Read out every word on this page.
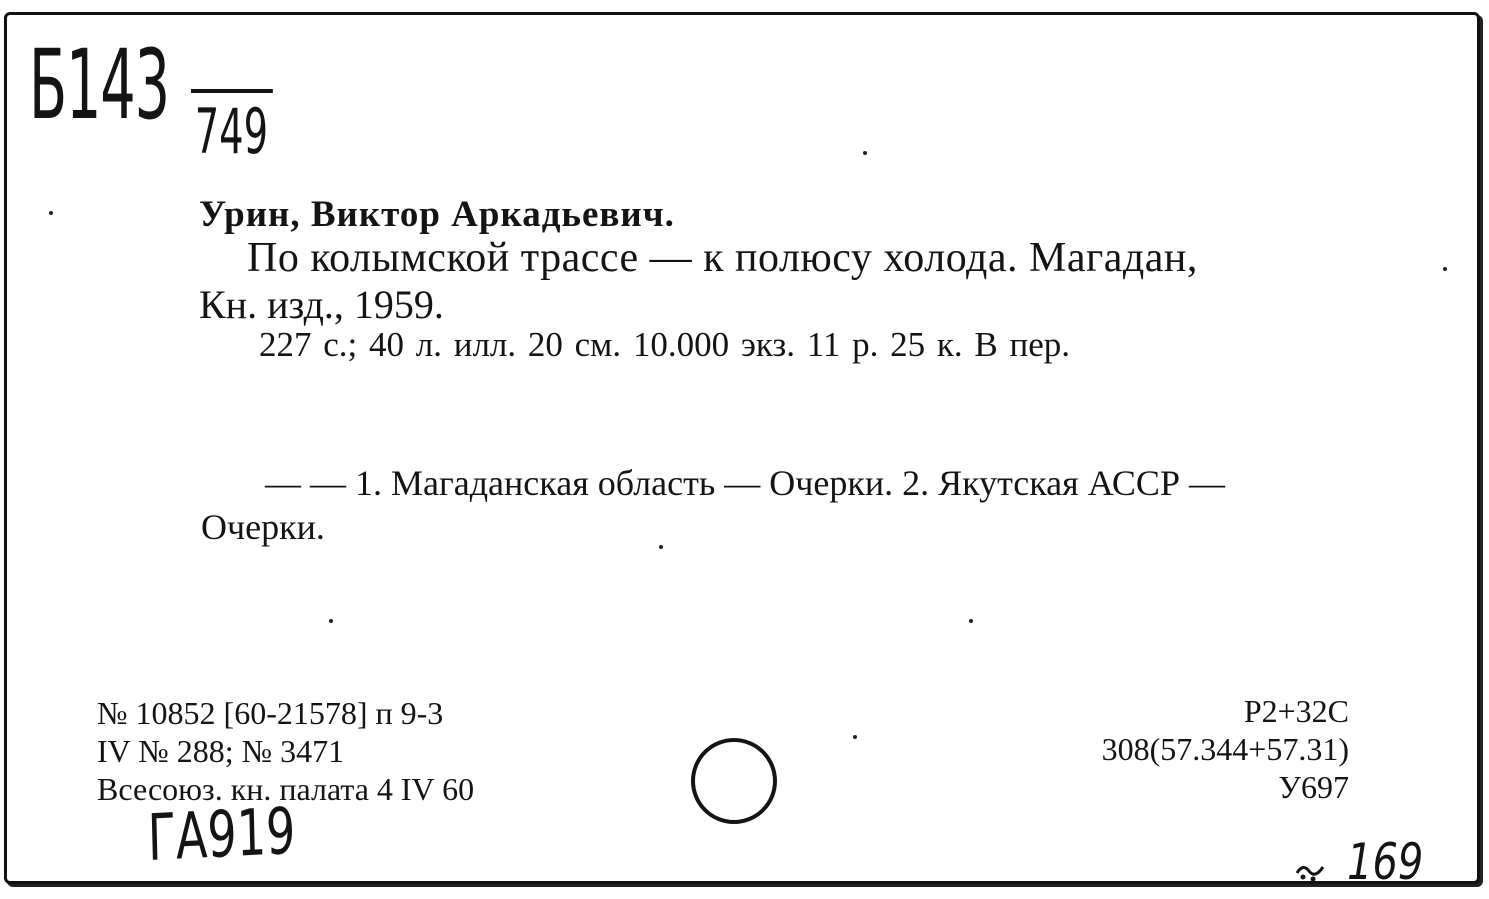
Б143 749
Урин, Виктор Аркадьевич.
По колымской трассе — к полюсу холода. Магадан,
Кн. изд., 1959.
227 с.; 40 л. илл. 20 см. 10.000 экз. 11 р. 25 к. В пер.
— — 1. Магаданская область — Очерки. 2. Якутская АССР —
Очерки.
№ 10852 [60-21578] п 9-3
IV № 288; № 3471
Всесоюз. кн. палата 4 IV 60
Р2+32С
308(57.344+57.31)
У697
ГА919	169
